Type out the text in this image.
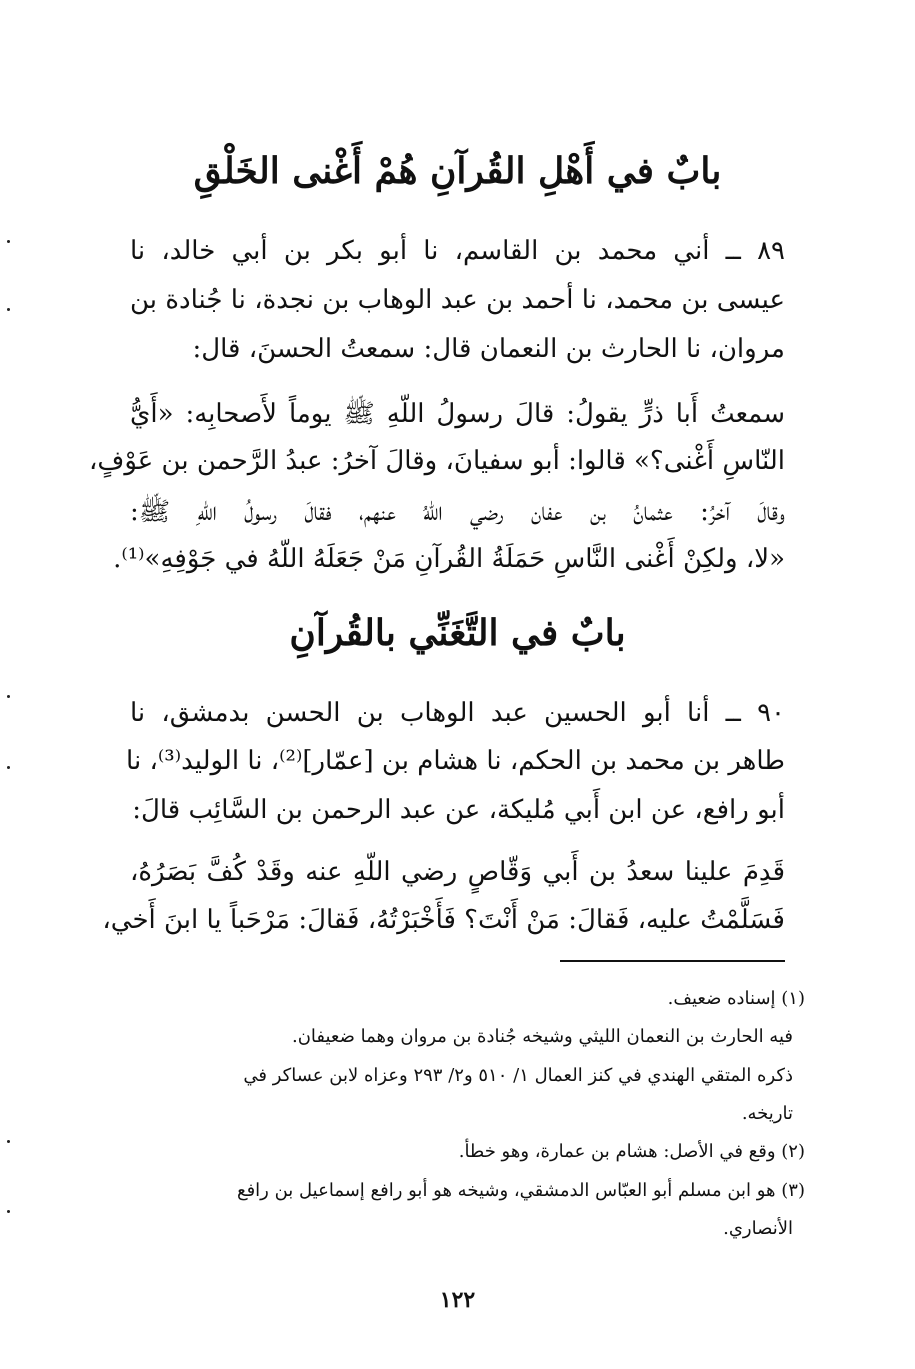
بابٌ في أَهْلِ القُرآنِ هُمْ أَغْنى الخَلْقِ
٨٩ ــ أني محمد بن القاسم، نا أبو بكر بن أبي خالد، نا
عيسى بن محمد، نا أحمد بن عبد الوهاب بن نجدة، نا جُنادة بن
مروان، نا الحارث بن النعمان قال: سمعتُ الحسنَ، قال:
سمعتُ أَبا ذرٍّ يقولُ: قالَ رسولُ اللّهِ ﷺ يوماً لأَصحابِه: «أَيُّ
النّاسِ أَغْنى؟» قالوا: أبو سفيانَ، وقالَ آخرُ: عبدُ الرَّحمن بن عَوْفٍ،
وقالَ آخرُ: عثمانُ بن عفان رضي اللّهُ عنهم، فقالَ رسولُ اللّهِ ﷺ:
«لا، ولكِنْ أَغْنى النَّاسِ حَمَلَةُ القُرآنِ مَنْ جَعَلَهُ اللّهُ في جَوْفِهِ»⁽¹⁾.
بابٌ في التَّغَنِّي بالقُرآنِ
٩٠ ــ أنا أبو الحسين عبد الوهاب بن الحسن بدمشق، نا
طاهر بن محمد بن الحكم، نا هشام بن [عمّار]⁽²⁾، نا الوليد⁽³⁾، نا
أبو رافع، عن ابن أَبي مُليكة، عن عبد الرحمن بن السَّائِب قالَ:
قَدِمَ علينا سعدُ بن أَبي وَقّاصٍ رضي اللّهِ عنه وقَدْ كُفَّ بَصَرُهُ،
فَسَلَّمْتُ عليه، فَقالَ: مَنْ أَنْتَ؟ فَأَخْبَرْتُهُ، فَقالَ: مَرْحَباً يا ابنَ أَخي،
(١) إسناده ضعيف.
فيه الحارث بن النعمان الليثي وشيخه جُنادة بن مروان وهما ضعيفان.
ذكره المتقي الهندي في كنز العمال ١/ ٥١٠ و٢/ ٢٩٣ وعزاه لابن عساكر في
تاريخه.
(٢) وقع في الأصل: هشام بن عمارة، وهو خطأ.
(٣) هو ابن مسلم أبو العبّاس الدمشقي، وشيخه هو أبو رافع إسماعيل بن رافع
الأنصاري.
١٢٢
